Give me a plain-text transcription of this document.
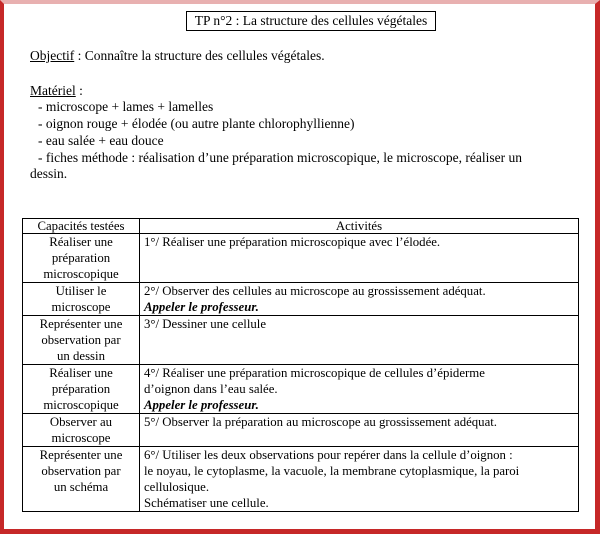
TP n°2 : La structure des cellules végétales
Objectif : Connaître la structure des cellules végétales.
Matériel :
- microscope + lames + lamelles
- oignon rouge + élodée (ou autre plante chlorophyllienne)
- eau salée + eau douce
- fiches méthode : réalisation d’une préparation microscopique, le microscope, réaliser un
dessin.
Capacités testées	Activités

Réaliser une
préparation
microscopique	1°/ Réaliser une préparation microscopique avec l’élodée.

Utiliser le
microscope	2°/ Observer des cellules au microscope au grossissement adéquat.
Appeler le professeur.

Représenter une
observation par
un dessin	3°/ Dessiner une cellule

Réaliser une
préparation
microscopique	4°/ Réaliser une préparation microscopique de cellules d’épiderme
d’oignon dans l’eau salée.
Appeler le professeur.

Observer au
microscope	5°/ Observer la préparation au microscope au grossissement adéquat.

Représenter une
observation par
un schéma	6°/ Utiliser les deux observations pour repérer dans la cellule d’oignon :
le noyau, le cytoplasme, la vacuole, la membrane cytoplasmique, la paroi
cellulosique.
Schématiser une cellule.
